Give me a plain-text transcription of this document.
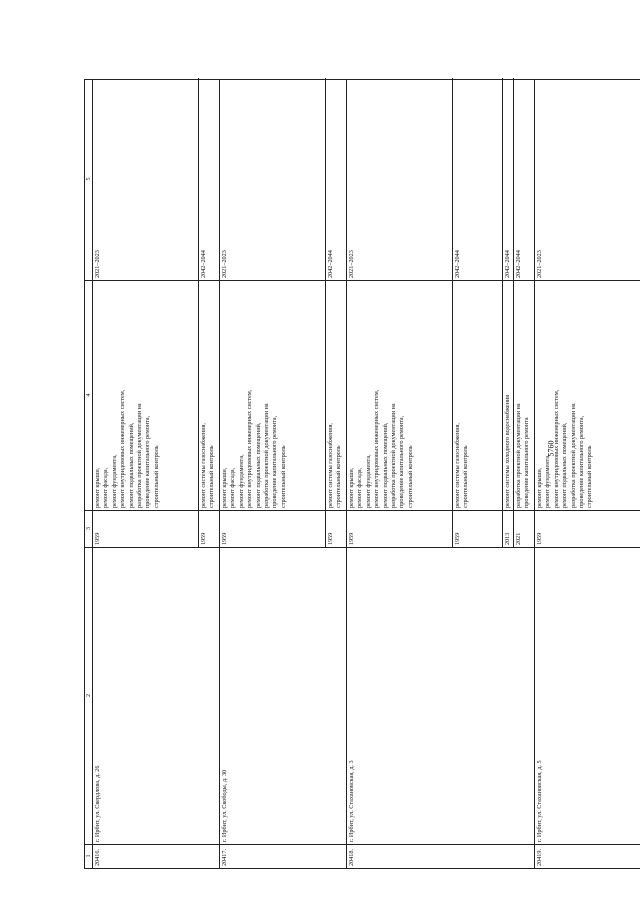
5760
1
2
3
4
5
20416.
г. Ирбит, ул. Свердлова, д. 26
1959
ремонт крыши,
ремонт фасада,
ремонт фундамента,
ремонт внутридомовых инженерных систем,
ремонт подвальных помещений,
разработка проектной документации на
проведение капитального ремонта,
строительный контроль
2021–2023
1959
ремонт системы газоснабжения,
строительный контроль
2042–2044
20417.
г. Ирбит, ул. Свободы, д. 30
1959
ремонт крыши,
ремонт фасада,
ремонт фундамента,
ремонт внутридомовых инженерных систем,
ремонт подвальных помещений,
разработка проектной документации на
проведение капитального ремонта,
строительный контроль
2021–2023
1959
ремонт системы газоснабжения,
строительный контроль
2042–2044
20418.
г. Ирбит, ул. Стахановская, д. 3
1959
ремонт крыши,
ремонт фасада,
ремонт фундамента,
ремонт внутридомовых инженерных систем,
ремонт подвальных помещений,
разработка проектной документации на
проведение капитального ремонта,
строительный контроль
2021–2023
1959
ремонт системы газоснабжения,
строительный контроль
2042–2044
2013
ремонт системы холодного водоснабжения
2042–2044
2021
разработка проектной документации на
проведение капитального ремонта
2042–2044
20419.
г. Ирбит, ул. Стахановская, д. 5
1959
ремонт крыши,
ремонт фундамента,
ремонт внутридомовых инженерных систем,
ремонт подвальных помещений,
разработка проектной документации на
проведение капитального ремонта,
строительный контроль
2021–2023
